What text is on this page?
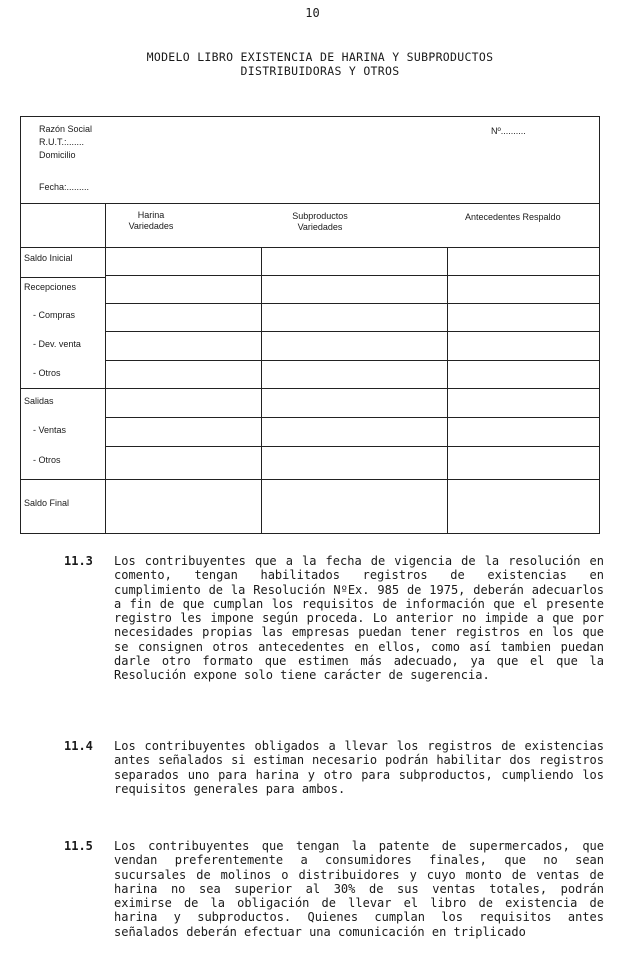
10
MODELO LIBRO EXISTENCIA DE HARINA Y SUBPRODUCTOS
DISTRIBUIDORAS Y OTROS
Razón Social
R.U.T.:.......
Domicilio
Fecha:.........
Nº..........
Harina
Variedades
Subproductos
Variedades
Antecedentes Respaldo
Saldo Inicial
Recepciones
- Compras
- Dev. venta
- Otros
Salidas
- Ventas
- Otros
Saldo Final
11.3 Los contribuyentes que a la fecha de vigencia de la resolución en comento, tengan habilitados registros de existencias en cumplimiento de la Resolución NºEx. 985 de 1975, deberán adecuarlos a fin de que cumplan los requisitos de información que el presente registro les impone según proceda. Lo anterior no impide a que por necesidades propias las empresas puedan tener registros en los que se consignen otros antecedentes en ellos, como así tambien puedan darle otro formato que estimen más adecuado, ya que el que la Resolución expone solo tiene carácter de sugerencia.

11.4 Los contribuyentes obligados a llevar los registros de existencias antes señalados si estiman necesario podrán habilitar dos registros separados uno para harina y otro para subproductos, cumpliendo los requisitos generales para ambos.

11.5 Los contribuyentes que tengan la patente de supermercados, que vendan preferentemente a consumidores finales, que no sean sucursales de molinos o distribuidores y cuyo monto de ventas de harina no sea superior al 30% de sus ventas totales, podrán eximirse de la obligación de llevar el libro de existencia de harina y subproductos. Quienes cumplan los requisitos antes señalados deberán efectuar una comunicación en triplicado
